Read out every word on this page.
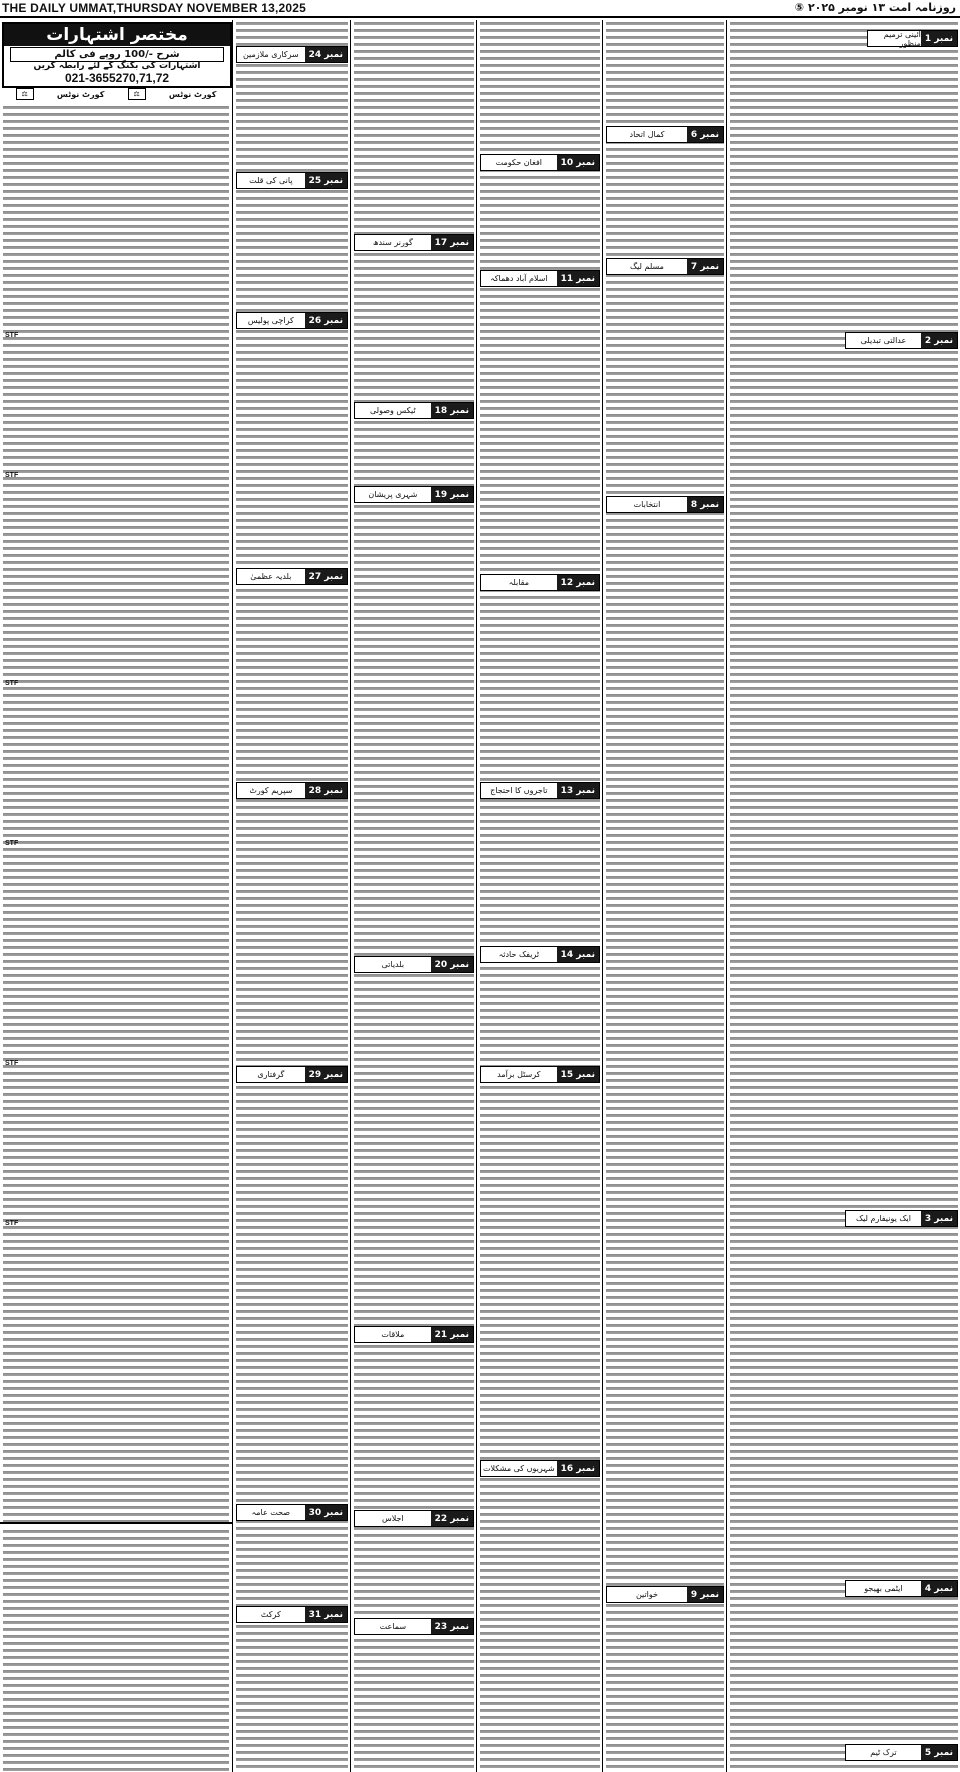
THE DAILY UMMAT,THURSDAY NOVEMBER 13,2025	روزنامہ امت ۱۳ نومبر ۲۰۲۵ ⑤
مختصر اشتہارات
شرح -/100 روپے فی کالم
اشتہارات کی بکنگ کے لئے رابطہ کریں
021-3655270,71,72
کورٹ نوٹس
⚖
کورٹ نوٹس
⚖
STF
STF
STF
STF
STF
STF
نمبر 24
سرکاری ملازمین
نمبر 25
پانی کی قلت
نمبر 26
کراچی پولیس
نمبر 27
بلدیہ عظمیٰ
نمبر 28
سپریم کورٹ
نمبر 29
گرفتاری
نمبر 30
صحت عامہ
نمبر 31
کرکٹ
نمبر 17
گورنر سندھ
نمبر 18
ٹیکس وصولی
نمبر 19
شہری پریشان
نمبر 20
بلدیاتی
نمبر 21
ملاقات
نمبر 22
اجلاس
نمبر 23
سماعت
نمبر 10
افغان حکومت
نمبر 11
اسلام آباد دھماکہ
نمبر 12
مقابلہ
نمبر 13
تاجروں کا احتجاج
نمبر 14
ٹریفک حادثہ
نمبر 15
کرسٹل برآمد
نمبر 16
شہریوں کی مشکلات
نمبر 6
کمال اتحاد
نمبر 7
مسلم لیگ
نمبر 8
انتخابات
نمبر 9
خواتین
نمبر 1
آئینی ترمیم منظور
نمبر 2
عدالتی تبدیلی
نمبر 3
ایک یونیفارم لیک
نمبر 4
ایٹمی بھیجو
نمبر 5
ترک ٹیم
